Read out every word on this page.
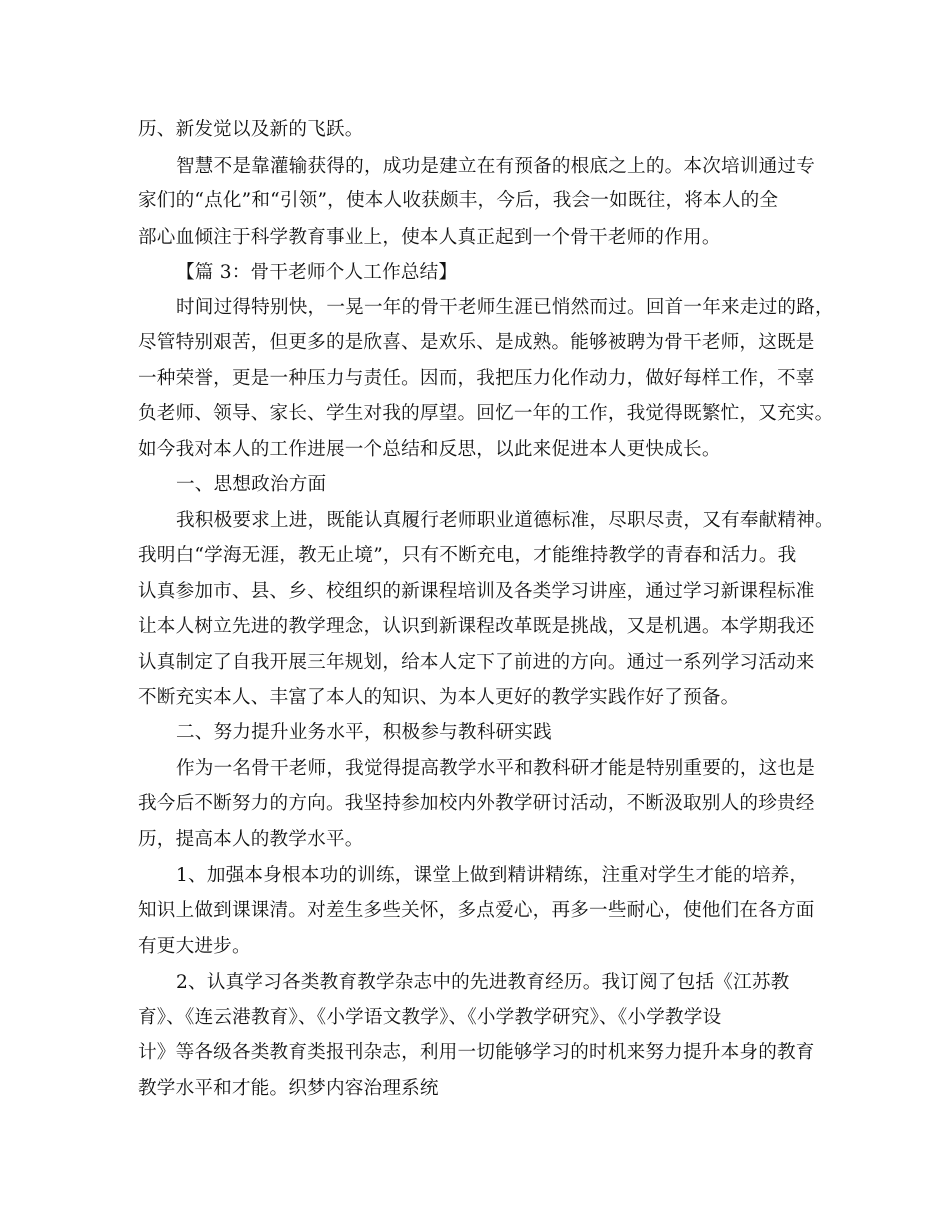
历、新发觉以及新的飞跃。
智慧不是靠灌输获得的，成功是建立在有预备的根底之上的。本次培训通过专
家们的“点化”和“引领”，使本人收获颇丰，今后，我会一如既往，将本人的全
部心血倾注于科学教育事业上，使本人真正起到一个骨干老师的作用。
【篇 3：骨干老师个人工作总结】
时间过得特别快，一晃一年的骨干老师生涯已悄然而过。回首一年来走过的路，
尽管特别艰苦，但更多的是欣喜、是欢乐、是成熟。能够被聘为骨干老师，这既是
一种荣誉，更是一种压力与责任。因而，我把压力化作动力，做好每样工作，不辜
负老师、领导、家长、学生对我的厚望。回忆一年的工作，我觉得既繁忙，又充实。
如今我对本人的工作进展一个总结和反思，以此来促进本人更快成长。
一、思想政治方面
我积极要求上进，既能认真履行老师职业道德标准，尽职尽责，又有奉献精神。
我明白“学海无涯，教无止境”，只有不断充电，才能维持教学的青春和活力。我
认真参加市、县、乡、校组织的新课程培训及各类学习讲座，通过学习新课程标准
让本人树立先进的教学理念，认识到新课程改革既是挑战，又是机遇。本学期我还
认真制定了自我开展三年规划，给本人定下了前进的方向。通过一系列学习活动来
不断充实本人、丰富了本人的知识、为本人更好的教学实践作好了预备。
二、努力提升业务水平，积极参与教科研实践
作为一名骨干老师，我觉得提高教学水平和教科研才能是特别重要的，这也是
我今后不断努力的方向。我坚持参加校内外教学研讨活动，不断汲取别人的珍贵经
历，提高本人的教学水平。
1、加强本身根本功的训练，课堂上做到精讲精练，注重对学生才能的培养，
知识上做到课课清。对差生多些关怀，多点爱心，再多一些耐心，使他们在各方面
有更大进步。
2、认真学习各类教育教学杂志中的先进教育经历。我订阅了包括《江苏教
育》、《连云港教育》、《小学语文教学》、《小学教学研究》、《小学教学设
计》等各级各类教育类报刊杂志，利用一切能够学习的时机来努力提升本身的教育
教学水平和才能。织梦内容治理系统
